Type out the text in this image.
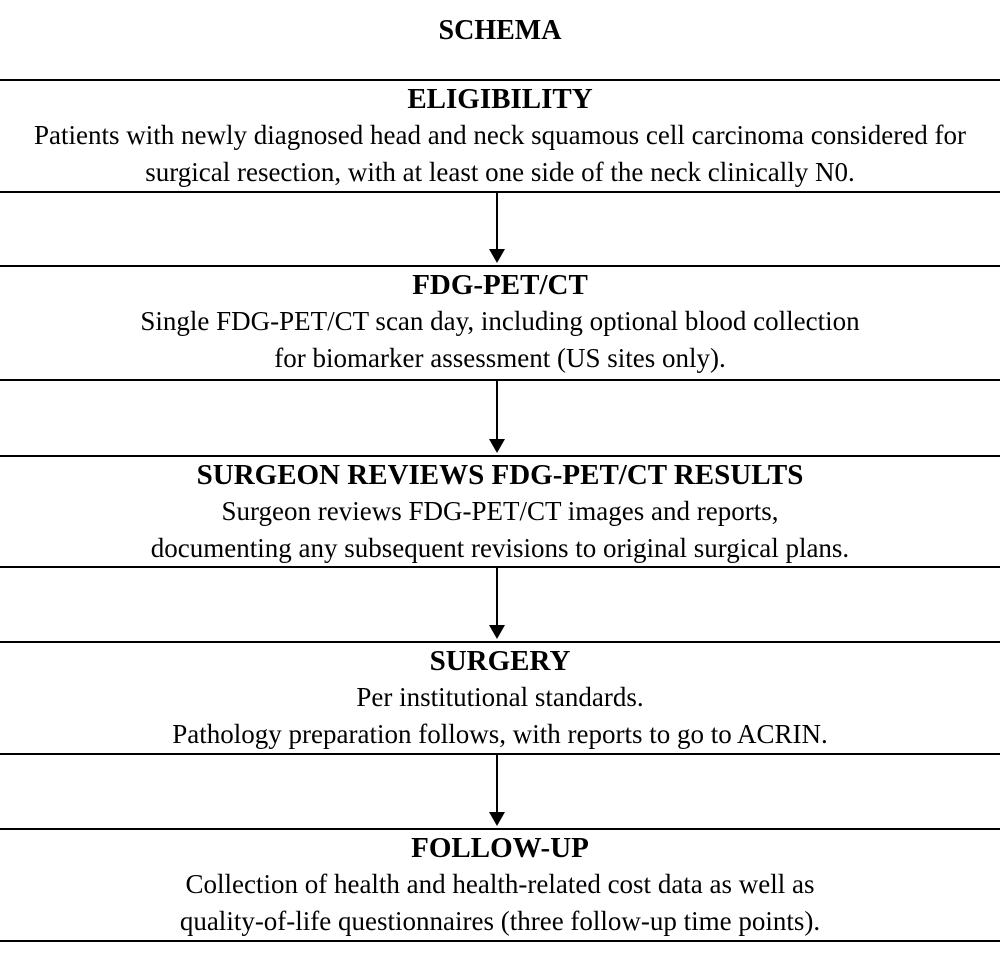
SCHEMA
ELIGIBILITY
Patients with newly diagnosed head and neck squamous cell carcinoma considered for
surgical resection, with at least one side of the neck clinically N0.
FDG-PET/CT
Single FDG-PET/CT scan day, including optional blood collection
for biomarker assessment (US sites only).
SURGEON REVIEWS FDG-PET/CT RESULTS
Surgeon reviews FDG-PET/CT images and reports,
documenting any subsequent revisions to original surgical plans.
SURGERY
Per institutional standards.
Pathology preparation follows, with reports to go to ACRIN.
FOLLOW-UP
Collection of health and health-related cost data as well as
quality-of-life questionnaires (three follow-up time points).
